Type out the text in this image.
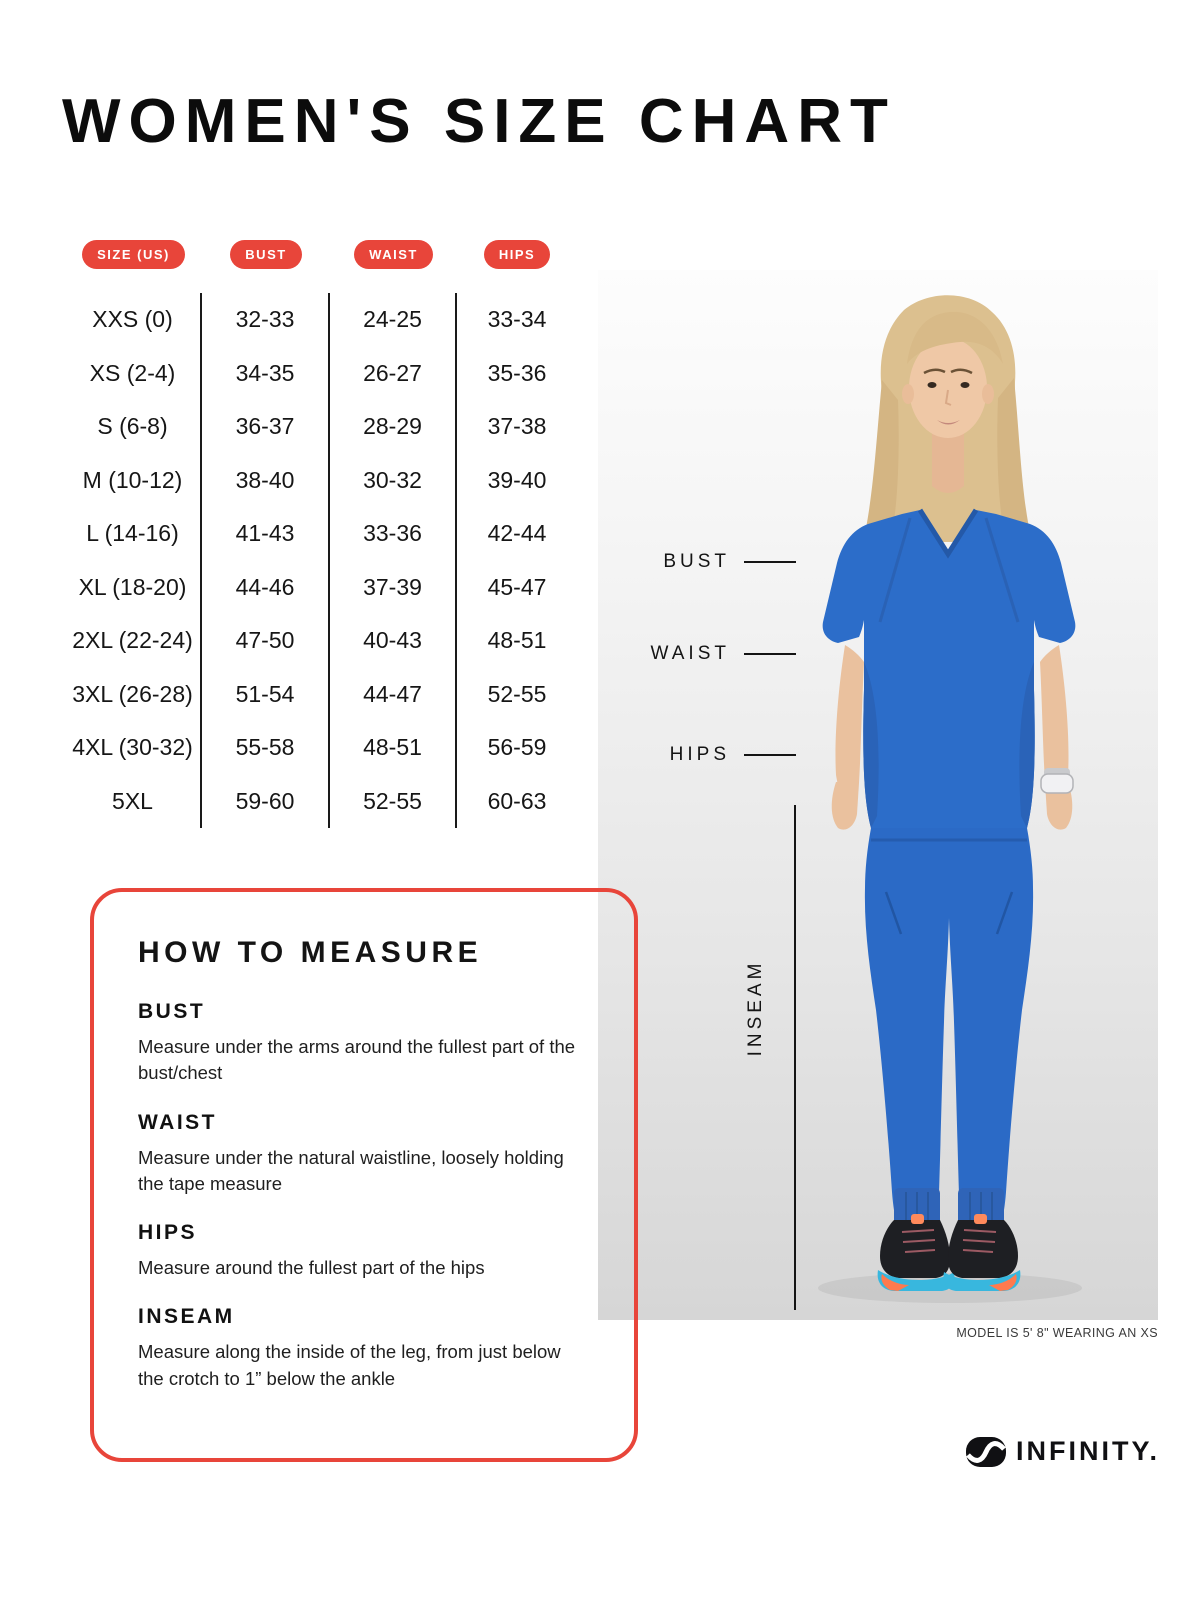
WOMEN'S SIZE CHART
SIZE (US)	BUST	WAIST	HIPS
XXS (0)	32-33	24-25	33-34
XS (2-4)	34-35	26-27	35-36
S (6-8)	36-37	28-29	37-38
M (10-12)	38-40	30-32	39-40
L (14-16)	41-43	33-36	42-44
XL (18-20)	44-46	37-39	45-47
2XL (22-24)	47-50	40-43	48-51
3XL (26-28)	51-54	44-47	52-55
4XL (30-32)	55-58	48-51	56-59
5XL	59-60	52-55	60-63
BUST
WAIST
HIPS
INSEAM
MODEL IS 5' 8" WEARING AN XS
HOW TO MEASURE
BUST

Measure under the arms around the fullest part of the bust/chest

WAIST

Measure under the natural waistline, loosely holding the tape measure

HIPS

Measure around the fullest part of the hips

INSEAM

Measure along the inside of the leg, from just below the crotch to 1” below the ankle

INFINITY.
